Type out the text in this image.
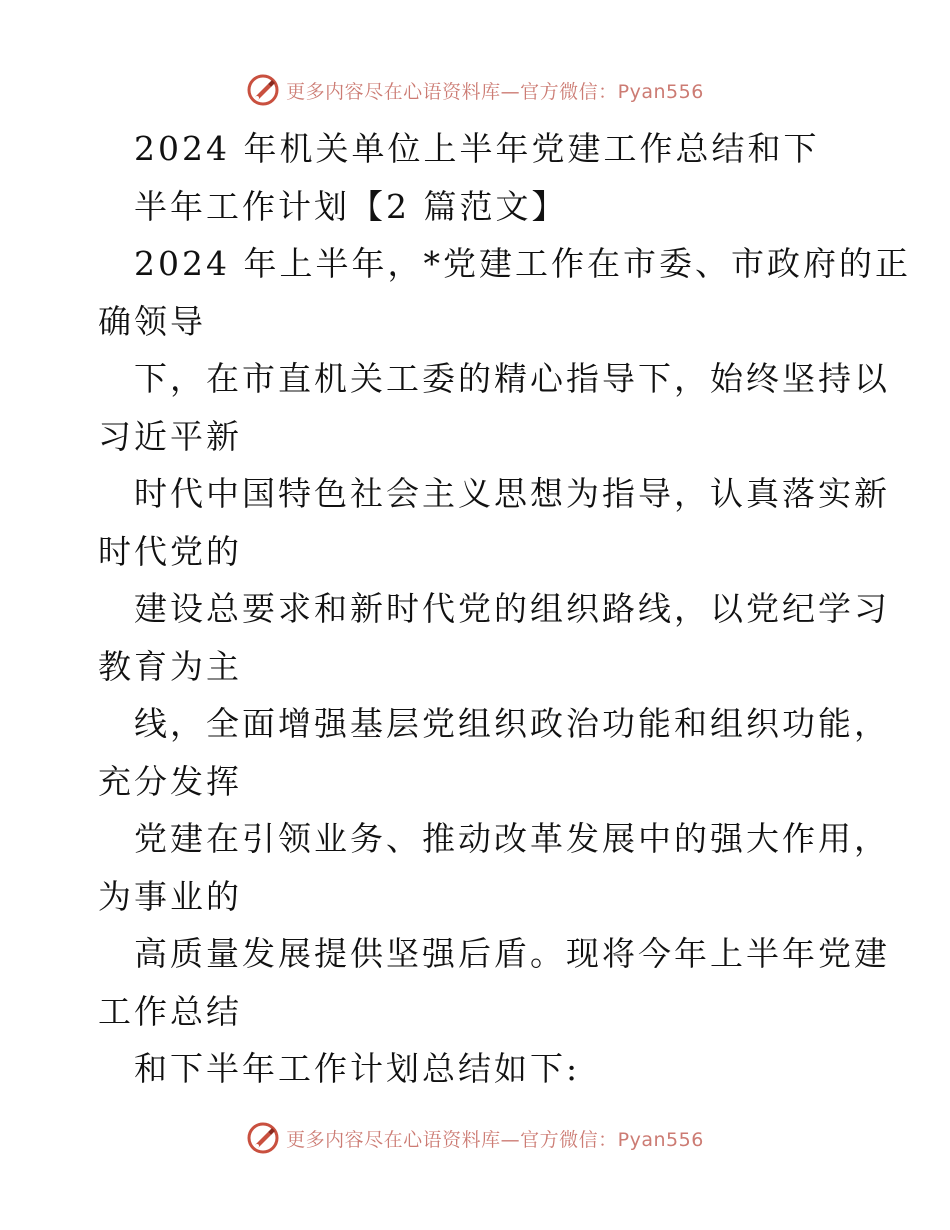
更多内容尽在心语资料库—官方微信：Pyan556
2024 年机关单位上半年党建工作总结和下
半年工作计划【2 篇范文】
2024 年上半年，*党建工作在市委、市政府的正
确领导
下，在市直机关工委的精心指导下，始终坚持以
习近平新
时代中国特色社会主义思想为指导，认真落实新
时代党的
建设总要求和新时代党的组织路线，以党纪学习
教育为主
线，全面增强基层党组织政治功能和组织功能，
充分发挥
党建在引领业务、推动改革发展中的强大作用，
为事业的
高质量发展提供坚强后盾。现将今年上半年党建
工作总结
和下半年工作计划总结如下:
更多内容尽在心语资料库—官方微信：Pyan556
